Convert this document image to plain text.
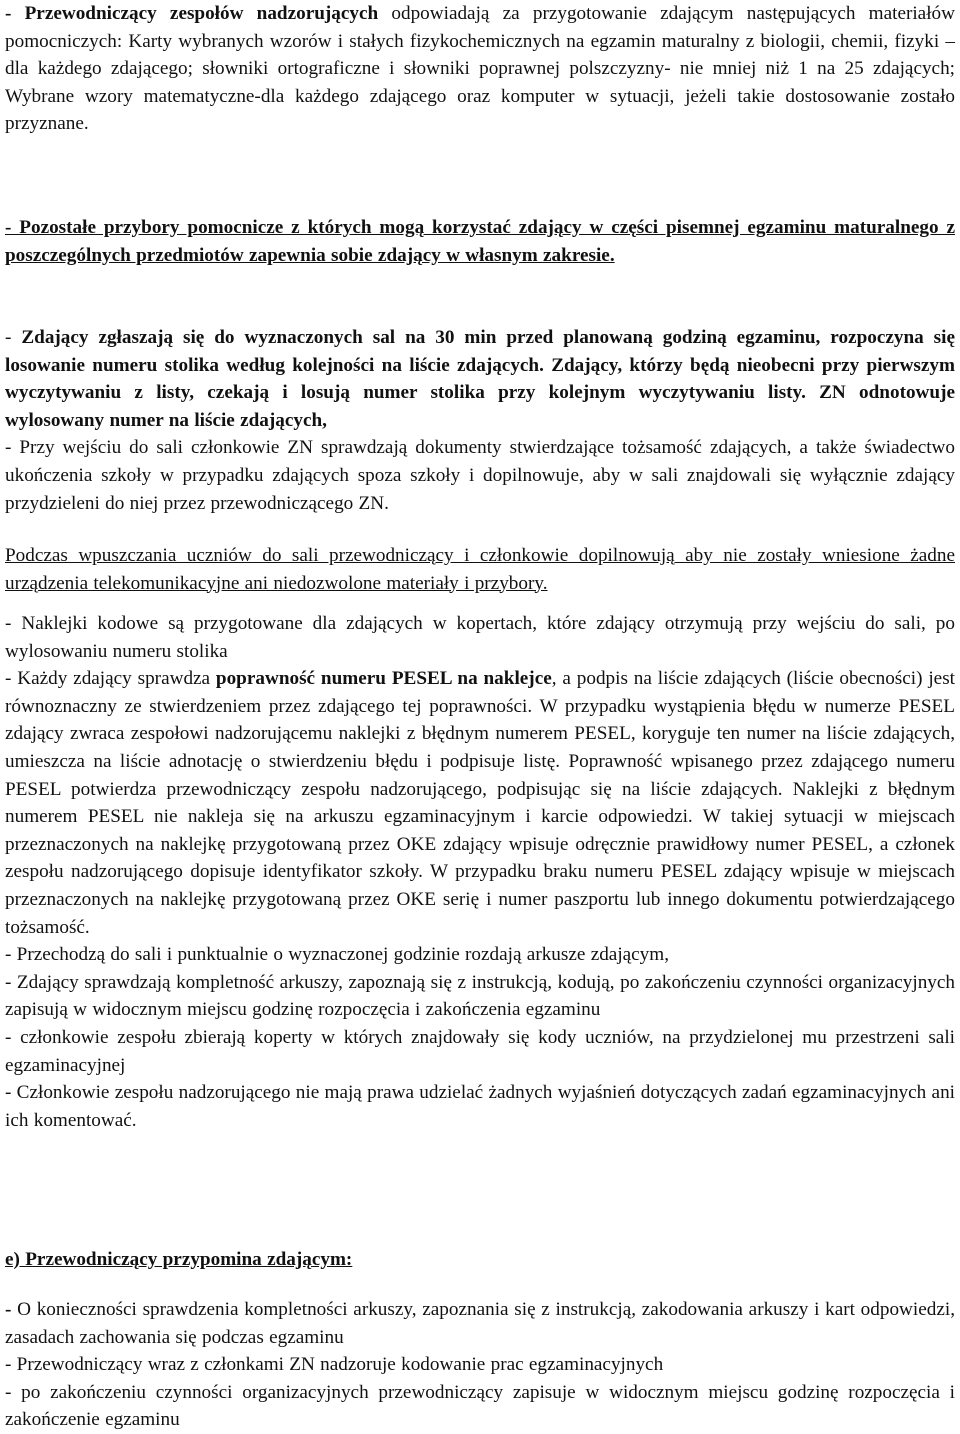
- Przewodniczący zespołów nadzorujących odpowiadają za przygotowanie zdającym następujących materiałów pomocniczych: Karty wybranych wzorów i stałych fizykochemicznych na egzamin maturalny z biologii, chemii, fizyki – dla każdego zdającego; słowniki ortograficzne i słowniki poprawnej polszczyzny- nie mniej niż 1 na 25 zdających; Wybrane wzory matematyczne-dla każdego zdającego oraz komputer w sytuacji, jeżeli takie dostosowanie zostało przyznane.

- Pozostałe przybory pomocnicze z których mogą korzystać zdający w części pisemnej egzaminu maturalnego z poszczególnych przedmiotów zapewnia sobie zdający w własnym zakresie.

- Zdający zgłaszają się do wyznaczonych sal na 30 min przed planowaną godziną egzaminu, rozpoczyna się losowanie numeru stolika według kolejności na liście zdających. Zdający, którzy będą nieobecni przy pierwszym wyczytywaniu z listy, czekają i losują numer stolika przy kolejnym wyczytywaniu listy. ZN odnotowuje wylosowany numer na liście zdających,

- Przy wejściu do sali członkowie ZN sprawdzają dokumenty stwierdzające tożsamość zdających, a także świadectwo ukończenia szkoły w przypadku zdających spoza szkoły i dopilnowuje, aby w sali znajdowali się wyłącznie zdający przydzieleni do niej przez przewodniczącego ZN.

Podczas wpuszczania uczniów do sali przewodniczący i członkowie dopilnowują aby nie zostały wniesione żadne urządzenia telekomunikacyjne ani niedozwolone materiały i przybory.

- Naklejki kodowe są przygotowane dla zdających w kopertach, które zdający otrzymują przy wejściu do sali, po wylosowaniu numeru stolika

- Każdy zdający sprawdza poprawność numeru PESEL na naklejce, a podpis na liście zdających (liście obecności) jest równoznaczny ze stwierdzeniem przez zdającego tej poprawności. W przypadku wystąpienia błędu w numerze PESEL zdający zwraca zespołowi nadzorującemu naklejki z błędnym numerem PESEL, koryguje ten numer na liście zdających, umieszcza na liście adnotację o stwierdzeniu błędu i podpisuje listę. Poprawność wpisanego przez zdającego numeru PESEL potwierdza przewodniczący zespołu nadzorującego, podpisując się na liście zdających. Naklejki z błędnym numerem PESEL nie nakleja się na arkuszu egzaminacyjnym i karcie odpowiedzi. W takiej sytuacji w miejscach przeznaczonych na naklejkę przygotowaną przez OKE zdający wpisuje odręcznie prawidłowy numer PESEL, a członek zespołu nadzorującego dopisuje identyfikator szkoły. W przypadku braku numeru PESEL zdający wpisuje w miejscach przeznaczonych na naklejkę przygotowaną przez OKE serię i numer paszportu lub innego dokumentu potwierdzającego tożsamość.

- Przechodzą do sali i punktualnie o wyznaczonej godzinie rozdają arkusze zdającym,

- Zdający sprawdzają kompletność arkuszy, zapoznają się z instrukcją, kodują, po zakończeniu czynności organizacyjnych zapisują w widocznym miejscu godzinę rozpoczęcia i zakończenia egzaminu

- członkowie zespołu zbierają koperty w których znajdowały się kody uczniów, na przydzielonej mu przestrzeni sali egzaminacyjnej

- Członkowie zespołu nadzorującego nie mają prawa udzielać żadnych wyjaśnień dotyczących zadań egzaminacyjnych ani ich komentować.

e) Przewodniczący przypomina zdającym:

- O konieczności sprawdzenia kompletności arkuszy, zapoznania się z instrukcją, zakodowania arkuszy i kart odpowiedzi, zasadach zachowania się podczas egzaminu

- Przewodniczący wraz z członkami ZN nadzoruje kodowanie prac egzaminacyjnych

- po zakończeniu czynności organizacyjnych przewodniczący zapisuje w widocznym miejscu godzinę rozpoczęcia i zakończenie egzaminu
